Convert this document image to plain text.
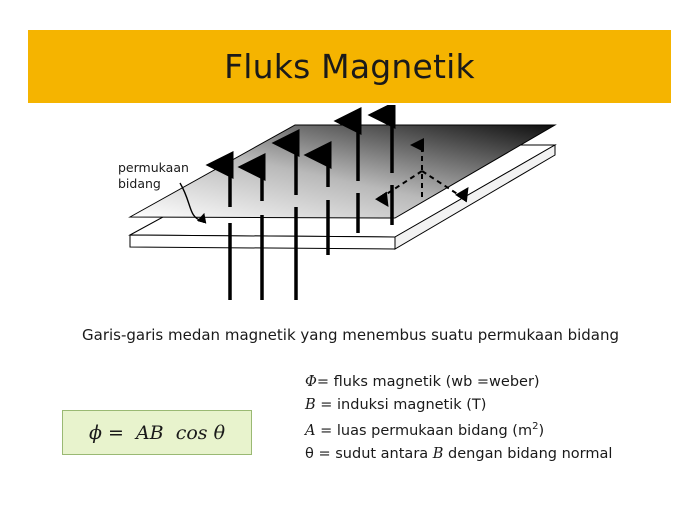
Fluks Magnetik
permukaan
bidang
Garis-garis medan magnetik yang menembus suatu permukaan bidang
ϕ =  AB  cos θ
Φ= fluks magnetik (wb =weber)
B = induksi magnetik (T)
A = luas permukaan bidang $(m^2)$
θ = sudut antara B dengan bidang normal
